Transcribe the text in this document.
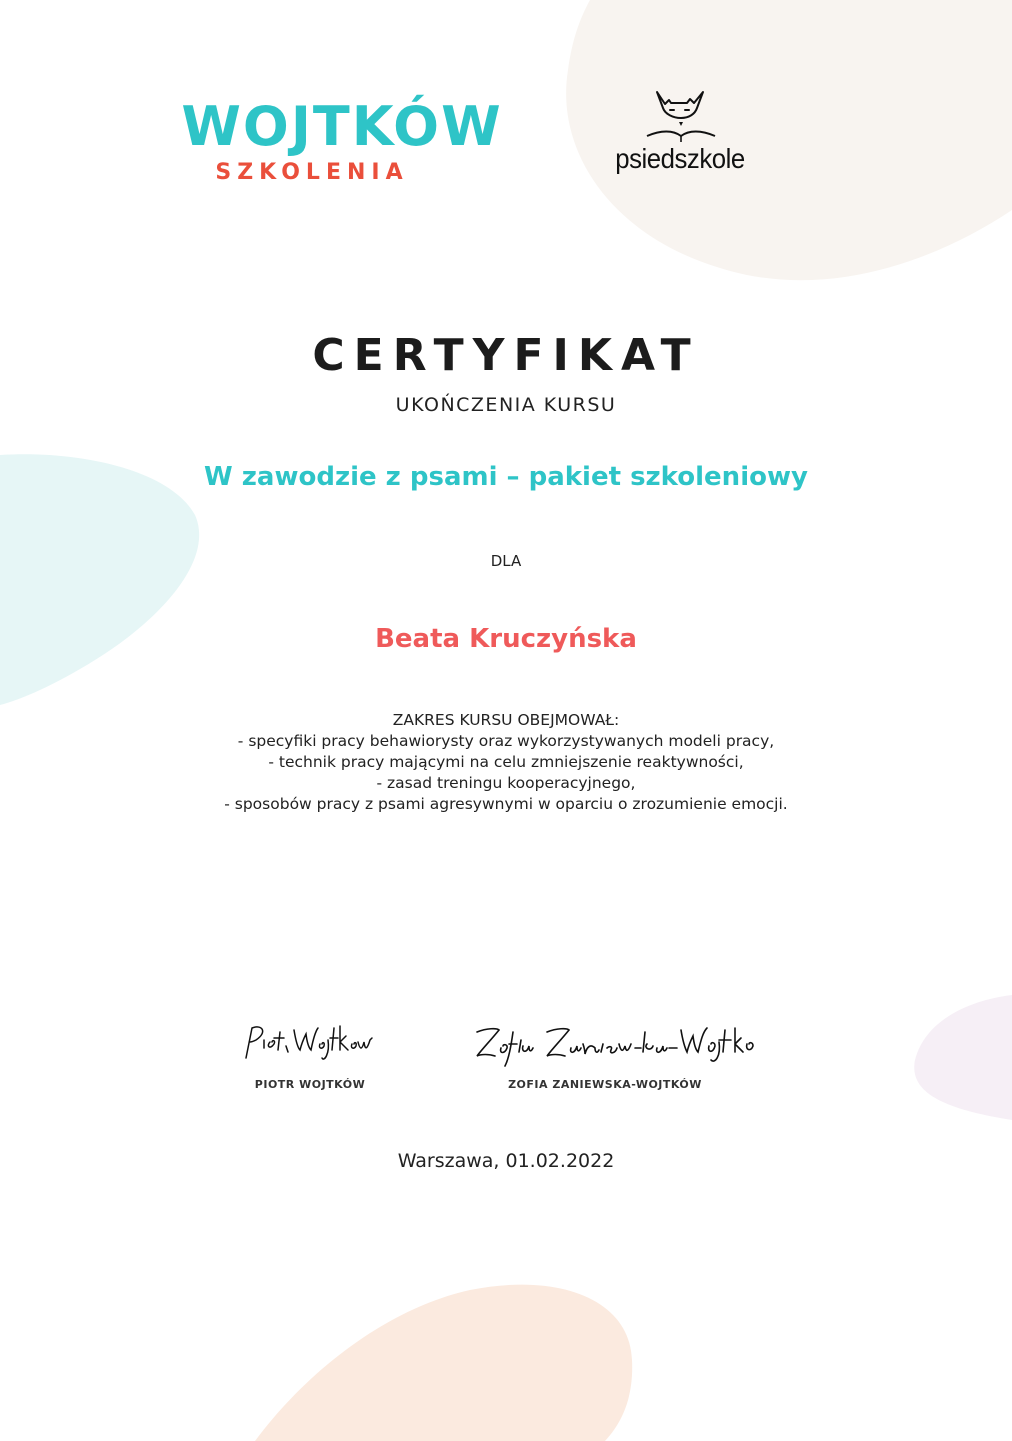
WOJTKÓW
SZKOLENIA	psiedszkole
CERTYFIKAT
UKOŃCZENIA KURSU
W zawodzie z psami – pakiet szkoleniowy
DLA
Beata Kruczyńska
ZAKRES KURSU OBEJMOWAŁ:
- specyfiki pracy behawiorysty oraz wykorzystywanych modeli pracy,
- technik pracy mającymi na celu zmniejszenie reaktywności,
- zasad treningu kooperacyjnego,
- sposobów pracy z psami agresywnymi w oparciu o zrozumienie emocji.
PIOTR WOJTKÓW	ZOFIA ZANIEWSKA-WOJTKÓW
Warszawa, 01.02.2022
